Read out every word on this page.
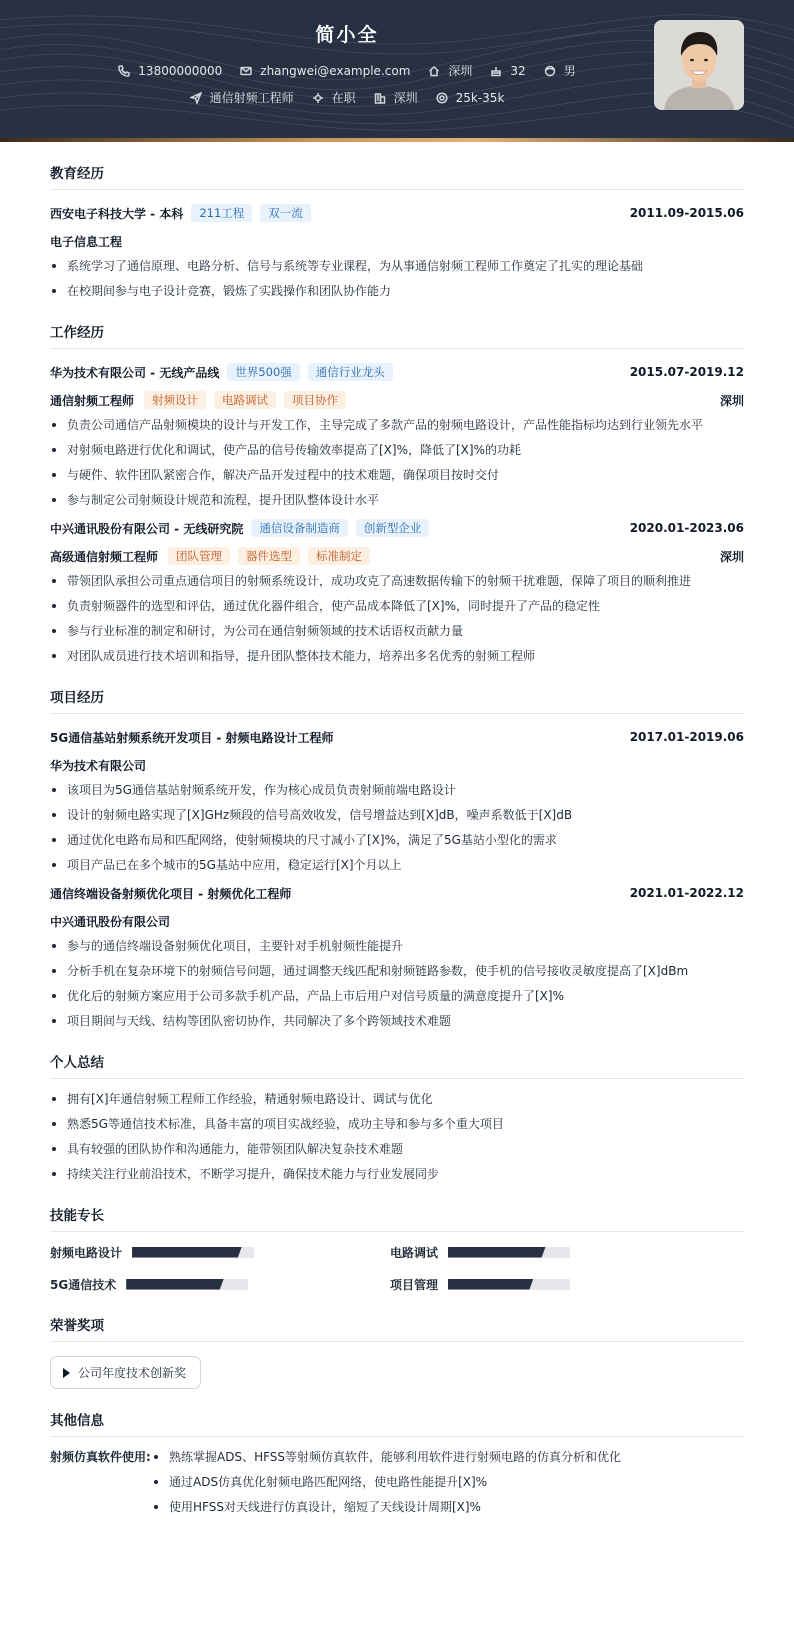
简小全
13800000000	zhangwei@example.com	深圳	32	男
通信射频工程师	在职	深圳	25k-35k
教育经历
西安电子科技大学 - 本科	211工程	双一流	2011.09-2015.06
电子信息工程
系统学习了通信原理、电路分析、信号与系统等专业课程，为从事通信射频工程师工作奠定了扎实的理论基础
在校期间参与电子设计竞赛，锻炼了实践操作和团队协作能力
工作经历
华为技术有限公司 - 无线产品线	世界500强	通信行业龙头	2015.07-2019.12
通信射频工程师	射频设计	电路调试	项目协作	深圳
负责公司通信产品射频模块的设计与开发工作，主导完成了多款产品的射频电路设计，产品性能指标均达到行业领先水平
对射频电路进行优化和调试，使产品的信号传输效率提高了[X]%，降低了[X]%的功耗
与硬件、软件团队紧密合作，解决产品开发过程中的技术难题，确保项目按时交付
参与制定公司射频设计规范和流程，提升团队整体设计水平
中兴通讯股份有限公司 - 无线研究院	通信设备制造商	创新型企业	2020.01-2023.06
高级通信射频工程师	团队管理	器件选型	标准制定	深圳
带领团队承担公司重点通信项目的射频系统设计，成功攻克了高速数据传输下的射频干扰难题，保障了项目的顺利推进
负责射频器件的选型和评估，通过优化器件组合，使产品成本降低了[X]%，同时提升了产品的稳定性
参与行业标准的制定和研讨，为公司在通信射频领域的技术话语权贡献力量
对团队成员进行技术培训和指导，提升团队整体技术能力，培养出多名优秀的射频工程师
项目经历
5G通信基站射频系统开发项目 - 射频电路设计工程师	2017.01-2019.06
华为技术有限公司
该项目为5G通信基站射频系统开发，作为核心成员负责射频前端电路设计
设计的射频电路实现了[X]GHz频段的信号高效收发，信号增益达到[X]dB，噪声系数低于[X]dB
通过优化电路布局和匹配网络，使射频模块的尺寸减小了[X]%，满足了5G基站小型化的需求
项目产品已在多个城市的5G基站中应用，稳定运行[X]个月以上
通信终端设备射频优化项目 - 射频优化工程师	2021.01-2022.12
中兴通讯股份有限公司
参与的通信终端设备射频优化项目，主要针对手机射频性能提升
分析手机在复杂环境下的射频信号问题，通过调整天线匹配和射频链路参数，使手机的信号接收灵敏度提高了[X]dBm
优化后的射频方案应用于公司多款手机产品，产品上市后用户对信号质量的满意度提升了[X]%
项目期间与天线、结构等团队密切协作，共同解决了多个跨领域技术难题
个人总结
拥有[X]年通信射频工程师工作经验，精通射频电路设计、调试与优化
熟悉5G等通信技术标准，具备丰富的项目实战经验，成功主导和参与多个重大项目
具有较强的团队协作和沟通能力，能带领团队解决复杂技术难题
持续关注行业前沿技术，不断学习提升，确保技术能力与行业发展同步
技能专长
射频电路设计	电路调试
5G通信技术	项目管理
荣誉奖项
公司年度技术创新奖
其他信息
射频仿真软件使用:	熟练掌握ADS、HFSS等射频仿真软件，能够利用软件进行射频电路的仿真分析和优化
通过ADS仿真优化射频电路匹配网络，使电路性能提升[X]%
使用HFSS对天线进行仿真设计，缩短了天线设计周期[X]%
